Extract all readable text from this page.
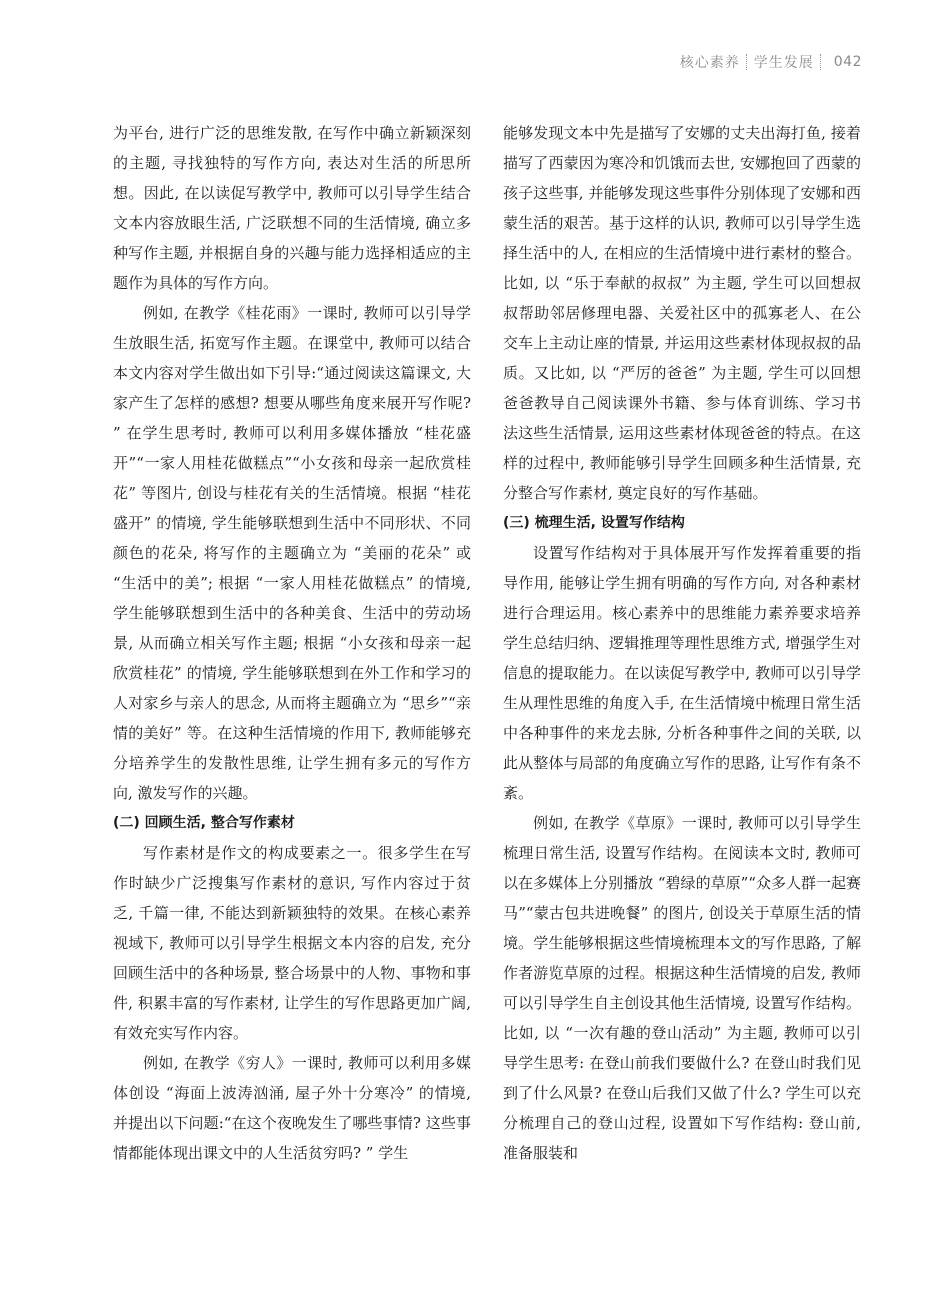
核心素养 学生发展 042

为平台, 进行广泛的思维发散, 在写作中确立新颖深刻的主题, 寻找独特的写作方向, 表达对生活的所思所想。因此, 在以读促写教学中, 教师可以引导学生结合文本内容放眼生活, 广泛联想不同的生活情境, 确立多种写作主题, 并根据自身的兴趣与能力选择相适应的主题作为具体的写作方向。

例如, 在教学《桂花雨》一课时, 教师可以引导学生放眼生活, 拓宽写作主题。在课堂中, 教师可以结合本文内容对学生做出如下引导:“通过阅读这篇课文, 大家产生了怎样的感想? 想要从哪些角度来展开写作呢? ” 在学生思考时, 教师可以利用多媒体播放 “桂花盛开”“一家人用桂花做糕点”“小女孩和母亲一起欣赏桂花” 等图片, 创设与桂花有关的生活情境。根据 “桂花盛开” 的情境, 学生能够联想到生活中不同形状、不同颜色的花朵, 将写作的主题确立为 “美丽的花朵” 或 “生活中的美”; 根据 “一家人用桂花做糕点” 的情境, 学生能够联想到生活中的各种美食、生活中的劳动场景, 从而确立相关写作主题; 根据 “小女孩和母亲一起欣赏桂花” 的情境, 学生能够联想到在外工作和学习的人对家乡与亲人的思念, 从而将主题确立为 “思乡”“亲情的美好” 等。在这种生活情境的作用下, 教师能够充分培养学生的发散性思维, 让学生拥有多元的写作方向, 激发写作的兴趣。

(二) 回顾生活, 整合写作素材

写作素材是作文的构成要素之一。很多学生在写作时缺少广泛搜集写作素材的意识, 写作内容过于贫乏, 千篇一律, 不能达到新颖独特的效果。在核心素养视域下, 教师可以引导学生根据文本内容的启发, 充分回顾生活中的各种场景, 整合场景中的人物、事物和事件, 积累丰富的写作素材, 让学生的写作思路更加广阔, 有效充实写作内容。

例如, 在教学《穷人》一课时, 教师可以利用多媒体创设 “海面上波涛汹涌, 屋子外十分寒冷” 的情境, 并提出以下问题:“在这个夜晚发生了哪些事情? 这些事情都能体现出课文中的人生活贫穷吗? ” 学生

能够发现文本中先是描写了安娜的丈夫出海打鱼, 接着描写了西蒙因为寒冷和饥饿而去世, 安娜抱回了西蒙的孩子这些事, 并能够发现这些事件分别体现了安娜和西蒙生活的艰苦。基于这样的认识, 教师可以引导学生选择生活中的人, 在相应的生活情境中进行素材的整合。比如, 以 “乐于奉献的叔叔” 为主题, 学生可以回想叔叔帮助邻居修理电器、关爱社区中的孤寡老人、在公交车上主动让座的情景, 并运用这些素材体现叔叔的品质。又比如, 以 “严厉的爸爸” 为主题, 学生可以回想爸爸教导自己阅读课外书籍、参与体育训练、学习书法这些生活情景, 运用这些素材体现爸爸的特点。在这样的过程中, 教师能够引导学生回顾多种生活情景, 充分整合写作素材, 奠定良好的写作基础。

(三) 梳理生活, 设置写作结构

设置写作结构对于具体展开写作发挥着重要的指导作用, 能够让学生拥有明确的写作方向, 对各种素材进行合理运用。核心素养中的思维能力素养要求培养学生总结归纳、逻辑推理等理性思维方式, 增强学生对信息的提取能力。在以读促写教学中, 教师可以引导学生从理性思维的角度入手, 在生活情境中梳理日常生活中各种事件的来龙去脉, 分析各种事件之间的关联, 以此从整体与局部的角度确立写作的思路, 让写作有条不紊。

例如, 在教学《草原》一课时, 教师可以引导学生梳理日常生活, 设置写作结构。在阅读本文时, 教师可以在多媒体上分别播放 “碧绿的草原”“众多人群一起赛马”“蒙古包共进晚餐” 的图片, 创设关于草原生活的情境。学生能够根据这些情境梳理本文的写作思路, 了解作者游览草原的过程。根据这种生活情境的启发, 教师可以引导学生自主创设其他生活情境, 设置写作结构。比如, 以 “一次有趣的登山活动” 为主题, 教师可以引导学生思考: 在登山前我们要做什么? 在登山时我们见到了什么风景? 在登山后我们又做了什么? 学生可以充分梳理自己的登山过程, 设置如下写作结构: 登山前, 准备服装和
